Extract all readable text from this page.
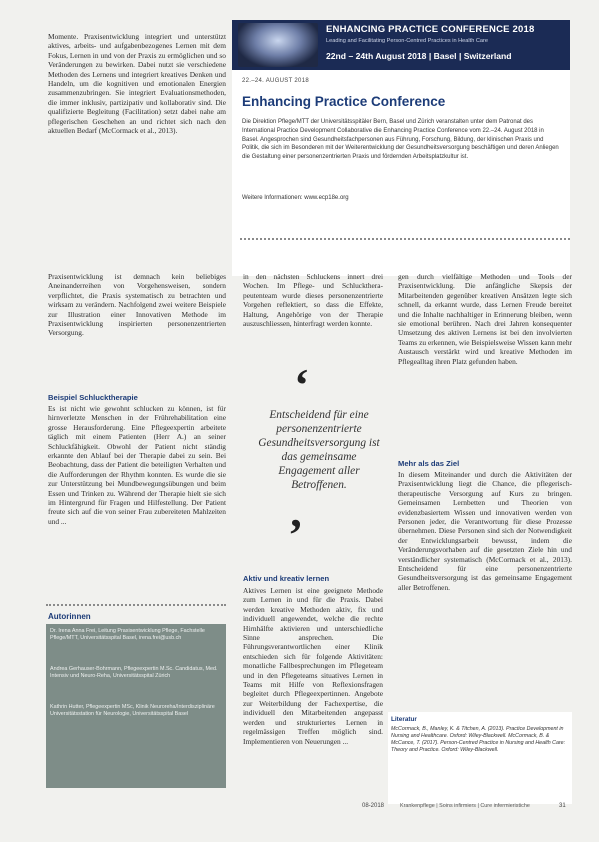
ENHANCING PRACTICE CONFERENCE 2018
Leading and Facilitating Person-Centred Practices in Health Care
22nd – 24th August 2018 | Basel | Switzerland
22.–24. AUGUST 2018
Enhancing Practice Conference
Die Direktion Pflege/MTT der Universitätsspitäler Bern, Basel und Zürich veranstalten unter dem Patronat des International Practice Development Collaborative die Enhancing Practice Conference vom 22.–24. August 2018 in Basel. Angesprochen sind Gesundheitsfachpersonen aus Führung, Forschung, Bildung, der klinischen Praxis und Politik, die sich im Besonderen mit der Weiterentwicklung der Gesundheitsversorgung beschäftigen und deren Anliegen die Gestaltung einer personenzentrierten Praxis und fördernden Arbeitsplatzkultur ist.
Weitere Informationen: www.ecp18e.org

Momente. Praxisentwicklung integriert und unterstützt aktives, arbeits- und aufgabenbezogenes Lernen mit dem Fokus, Lernen in und von der Praxis zu ermöglichen und so Veränderungen zu bewirken. Dabei nutzt sie verschiedene Methoden des Lernens und integriert kreatives Denken und Handeln, um die kognitiven und emotionalen Energien zusammenzubringen. Sie integriert Evaluationsmethoden, die immer inklusiv, partizipativ und kollaborativ sind. Die qualifizierte Begleitung (Facilitation) setzt dabei nahe am pflegerischen Geschehen an und richtet sich nach den aktuellen Bedarf (McCormack et al., 2013).

Praxisentwicklung ist demnach kein beliebiges Aneinanderreihen von Vorgehensweisen, sondern verpflichtet, die Praxis systematisch zu betrachten und wirksam zu verändern. Nachfolgend zwei weitere Beispiele zur Illustration einer Innovativen Methode im Praxisentwicklung inspirierten personenzentrierten Versorgung.

Beispiel Schlucktherapie

Es ist nicht wie gewohnt schlucken zu können, ist für hirnverletzte Menschen in der Frührehabilitation eine grosse Herausforderung. Eine Pflegeexpertin arbeitete täglich mit einem Patienten (Herr A.) an seiner Schluckfähigkeit. Obwohl der Patient nicht ständig erkannte den Ablauf bei der Therapie dabei zu sein. Bei Beobachtung, dass der Patient die beteiligten Verhalten und die Aufforderungen der Rhythm konnten. Es wurde die sie zur Unterstützung bei Mundbewegungsübungen und beim Essen und Trinken zu. Während der Therapie hielt sie sich im Hintergrund für Fragen und Hilfestellung. Der Patient freute sich auf die von seiner Frau zubereiteten Mahlzeiten und ...

in den nächsten Schluckens innert drei Wochen. Im Pflege- und Schluckthera- peutenteam wurde dieses personenzentrierte Vorgehen reflektiert, so dass die Effekte, Haltung, Angehörige von der Therapie auszuschliessen, hinterfragt werden konnte.

‘
Entscheidend für eine personenzentrierte Gesundheitsversorgung ist das gemeinsame Engagement aller Betroffenen.
’
Aktiv und kreativ lernen

Aktives Lernen ist eine geeignete Methode zum Lernen in und für die Praxis. Dabei werden kreative Methoden aktiv, fix und individuell angewendet, welche die rechte Hirnhälfte aktivieren und unterschiedliche Sinne ansprechen. Die Führungsverantwortlichen einer Klinik entschieden sich für folgende Aktivitäten: monatliche Fallbesprechungen im Pflegeteam und in den Pflegeteams situatives Lernen in Teams mit Hilfe von Reflexionsfragen begleitet durch Pflegeexpertinnen. Angebote zur Weiterbildung der Fachexpertise, die individuell den Mitarbeitenden angepasst werden und strukturiertes Lernen in regelmässigen Treffen möglich sind. Implementieren von Neuerungen ...

gen durch vielfältige Methoden und Tools der Praxisentwicklung. Die anfängliche Skepsis der Mitarbeitenden gegenüber kreativen Ansätzen legte sich schnell, da erkannt wurde, dass Lernen Freude bereitet und die Inhalte nachhaltiger in Erinnerung bleiben, wenn sie emotional berühren. Nach drei Jahren konsequenter Umsetzung des aktiven Lernens ist bei den involvierten Teams zu erkennen, wie Beispielsweise Wissen kann mehr Austausch verstärkt wird und kreative Methoden im Pflegealltag ihren Platz gefunden haben.

Mehr als das Ziel

In diesem Miteinander und durch die Aktivitäten der Praxisentwicklung liegt die Chance, die pflegerisch-therapeutische Versorgung auf Kurs zu bringen. Gemeinsamen Lernbetten und Theorien von evidenzbasiertem Wissen und innovativen werden von Personen jeder, die Verantwortung für diese Prozesse übernehmen. Diese Personen sind sich der Notwendigkeit der Entwicklungsarbeit bewusst, indem die Veränderungsvorhaben auf die gesetzten Ziele hin und verständlicher systematisch (McCormack et al., 2013). Entscheidend für eine personenzentrierte Gesundheitsversorgung ist das gemeinsame Engagement aller Betroffenen.

Autorinnen

Dr. Irena Anna Frei, Leitung Praxisentwicklung Pflege, Fachstelle Pflege/MTT, Universitätsspital Basel, irena.frei@usb.ch

Andrea Gerhauser-Bohrmann, Pflegeexpertin M.Sc. Candidatus, Med. Intensiv und Neuro-Reha, Universitätsspital Zürich

Kathrin Hutter, Pflegeexpertin MSc, Klinik Neuroreha/Interdisziplinäre Universitätsstation für Neurologie, Universitätsspital Basel

Literatur
McCormack, B., Manley, K. & Titchen, A. (2013). Practice Development in Nursing and Healthcare. Oxford: Wiley-Blackwell. McCormack, B. & McCance, T. (2017). Person-Centred Practice in Nursing and Health Care: Theory and Practice. Oxford: Wiley-Blackwell.
08-2018	Krankenpflege | Soins infirmiers | Cure infermieristiche	31
